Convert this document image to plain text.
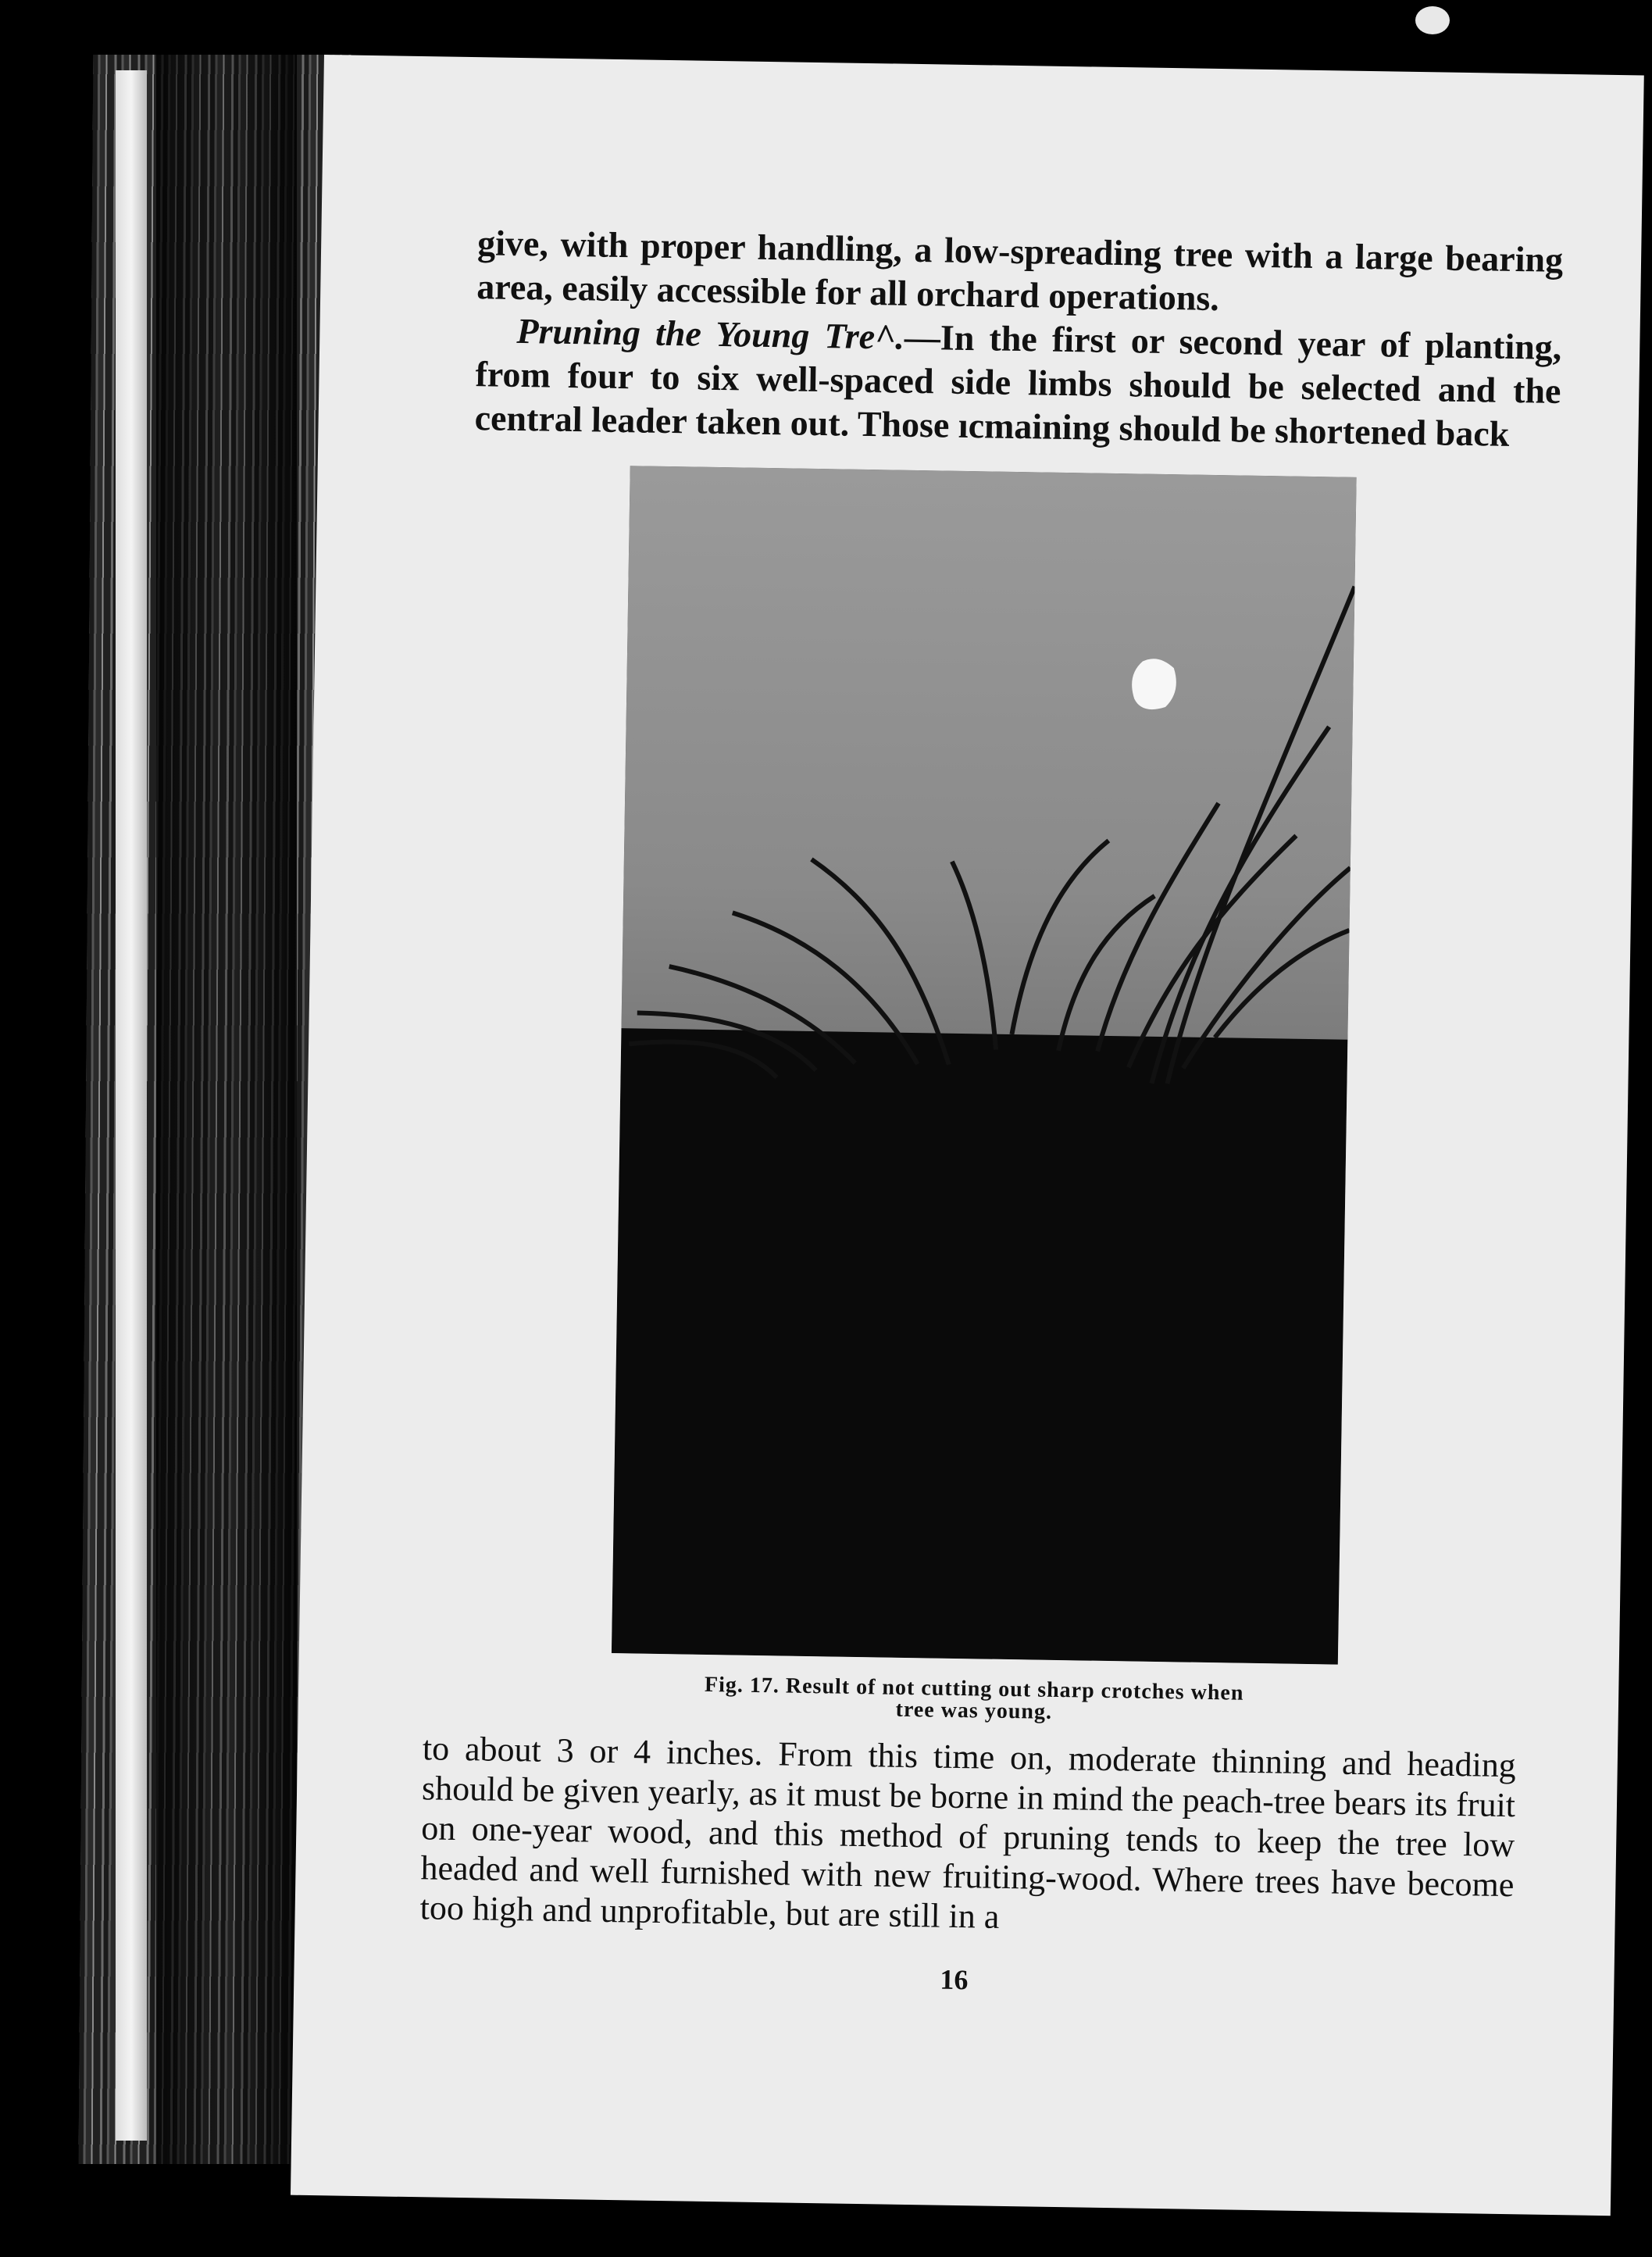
give, with proper handling, a low-spreading tree with a large bearing area, easily accessible for all orchard operations.

Pruning the Young Tre^.—In the first or second year of planting, from four to six well-spaced side limbs should be selected and the central leader taken out. Those ıcmaining should be shortened back

Fig. 17. Result of not cutting out sharp crotches when
tree was young.

to about 3 or 4 inches. From this time on, moderate thinning and heading should be given yearly, as it must be borne in mind the peach-tree bears its fruit on one-year wood, and this method of pruning tends to keep the tree low headed and well furnished with new fruiting-wood. Where trees have become too high and unprofitable, but are still in a

16
